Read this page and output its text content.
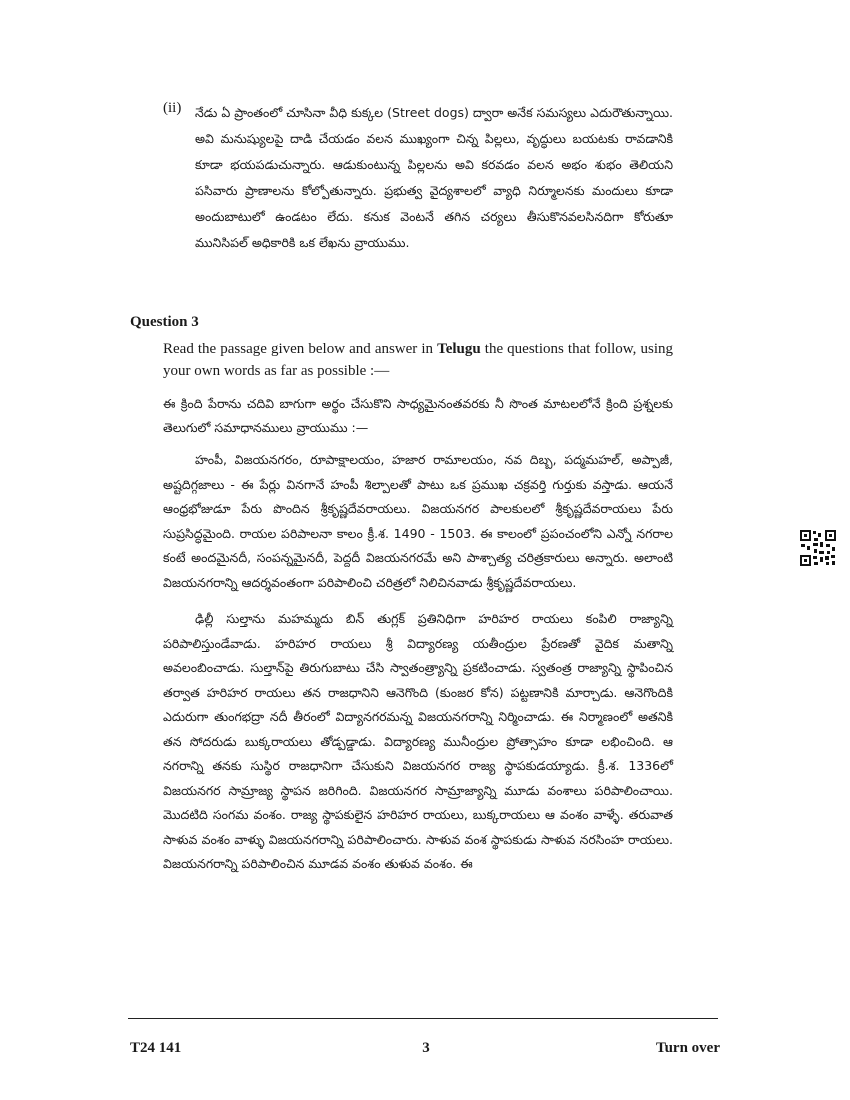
(ii) నేడు ఏ ప్రాంతంలో చూసినా వీధి కుక్కల (Street dogs) ద్వారా అనేక సమస్యలు ఎదురౌతున్నాయి. అవి మనుష్యులపై దాడి చేయడం వలన ముఖ్యంగా చిన్న పిల్లలు, వృద్ధులు బయటకు రావడానికి కూడా భయపడుచున్నారు. ఆడుకుంటున్న పిల్లలను అవి కరవడం వలన అభం శుభం తెలియని పసివారు ప్రాణాలను కోల్పోతున్నారు. ప్రభుత్వ వైద్యశాలలో వ్యాధి నిర్మూలనకు మందులు కూడా అందుబాటులో ఉండటం లేదు. కనుక వెంటనే తగిన చర్యలు తీసుకొనవలసినదిగా కోరుతూ మునిసిపల్ అధికారికి ఒక లేఖను వ్రాయుము.
Question 3
Read the passage given below and answer in Telugu the questions that follow, using your own words as far as possible :—
ఈ క్రింది పేరాను చదివి బాగుగా అర్థం చేసుకొని సాధ్యమైనంతవరకు నీ సొంత మాటలలోనే క్రింది ప్రశ్నలకు తెలుగులో సమాధానములు వ్రాయుము :—

హంపీ, విజయనగరం, రూపాక్షాలయం, హజార రామాలయం, నవ దిబ్బ, పద్మమహల్, అప్పాజీ, అష్టదిగ్గజాలు - ఈ పేర్లు వినగానే హంపీ శిల్పాలతో పాటు ఒక ప్రముఖ చక్రవర్తి గుర్తుకు వస్తాడు. ఆయనే ఆంధ్రభోజుడూ పేరు పొందిన శ్రీకృష్ణదేవరాయలు. విజయనగర పాలకులలో శ్రీకృష్ణదేవరాయలు పేరు సుప్రసిద్ధమైంది. రాయల పరిపాలనా కాలం క్రీ.శ. 1490 - 1503. ఈ కాలంలో ప్రపంచంలోని ఎన్నో నగరాల కంటే అందమైనదీ, సంపన్నమైనదీ, పెద్దదీ విజయనగరమే అని పాశ్చాత్య చరిత్రకారులు అన్నారు. అలాంటి విజయనగరాన్ని ఆదర్శవంతంగా పరిపాలించి చరిత్రలో నిలిచినవాడు శ్రీకృష్ణదేవరాయలు.

ఢిల్లీ సుల్తాను మహమ్మదు బిన్ తుగ్లక్ ప్రతినిధిగా హరిహర రాయలు కంపిలి రాజ్యాన్ని పరిపాలిస్తుండేవాడు. హరిహర రాయలు శ్రీ విద్యారణ్య యతీంద్రుల ప్రేరణతో వైదిక మతాన్ని అవలంబించాడు. సుల్తాన్‌పై తిరుగుబాటు చేసి స్వాతంత్ర్యాన్ని ప్రకటించాడు. స్వతంత్ర రాజ్యాన్ని స్థాపించిన తర్వాత హరిహర రాయలు తన రాజధానిని ఆనెగొంది (కుంజర కోన) పట్టణానికి మార్చాడు. ఆనెగొందికి ఎదురుగా తుంగభద్రా నదీ తీరంలో విద్యానగరమన్న విజయనగరాన్ని నిర్మించాడు. ఈ నిర్మాణంలో అతనికి తన సోదరుడు బుక్కరాయలు తోడ్పడ్డాడు. విద్యారణ్య మునీంద్రుల ప్రోత్సాహం కూడా లభించింది. ఆ నగరాన్ని తనకు సుస్థిర రాజధానిగా చేసుకుని విజయనగర రాజ్య స్థాపకుడయ్యాడు. క్రీ.శ. 1336లో విజయనగర సామ్రాజ్య స్థాపన జరిగింది. విజయనగర సామ్రాజ్యాన్ని మూడు వంశాలు పరిపాలించాయి. మొదటిది సంగమ వంశం. రాజ్య స్థాపకులైన హరిహర రాయలు, బుక్కరాయలు ఆ వంశం వాళ్ళే. తరువాత సాళువ వంశం వాళ్ళు విజయనగరాన్ని పరిపాలించారు. సాళువ వంశ స్థాపకుడు సాళువ నరసింహ రాయలు. విజయనగరాన్ని పరిపాలించిన మూడవ వంశం తుళువ వంశం. ఈ

T24 141	3	Turn over
